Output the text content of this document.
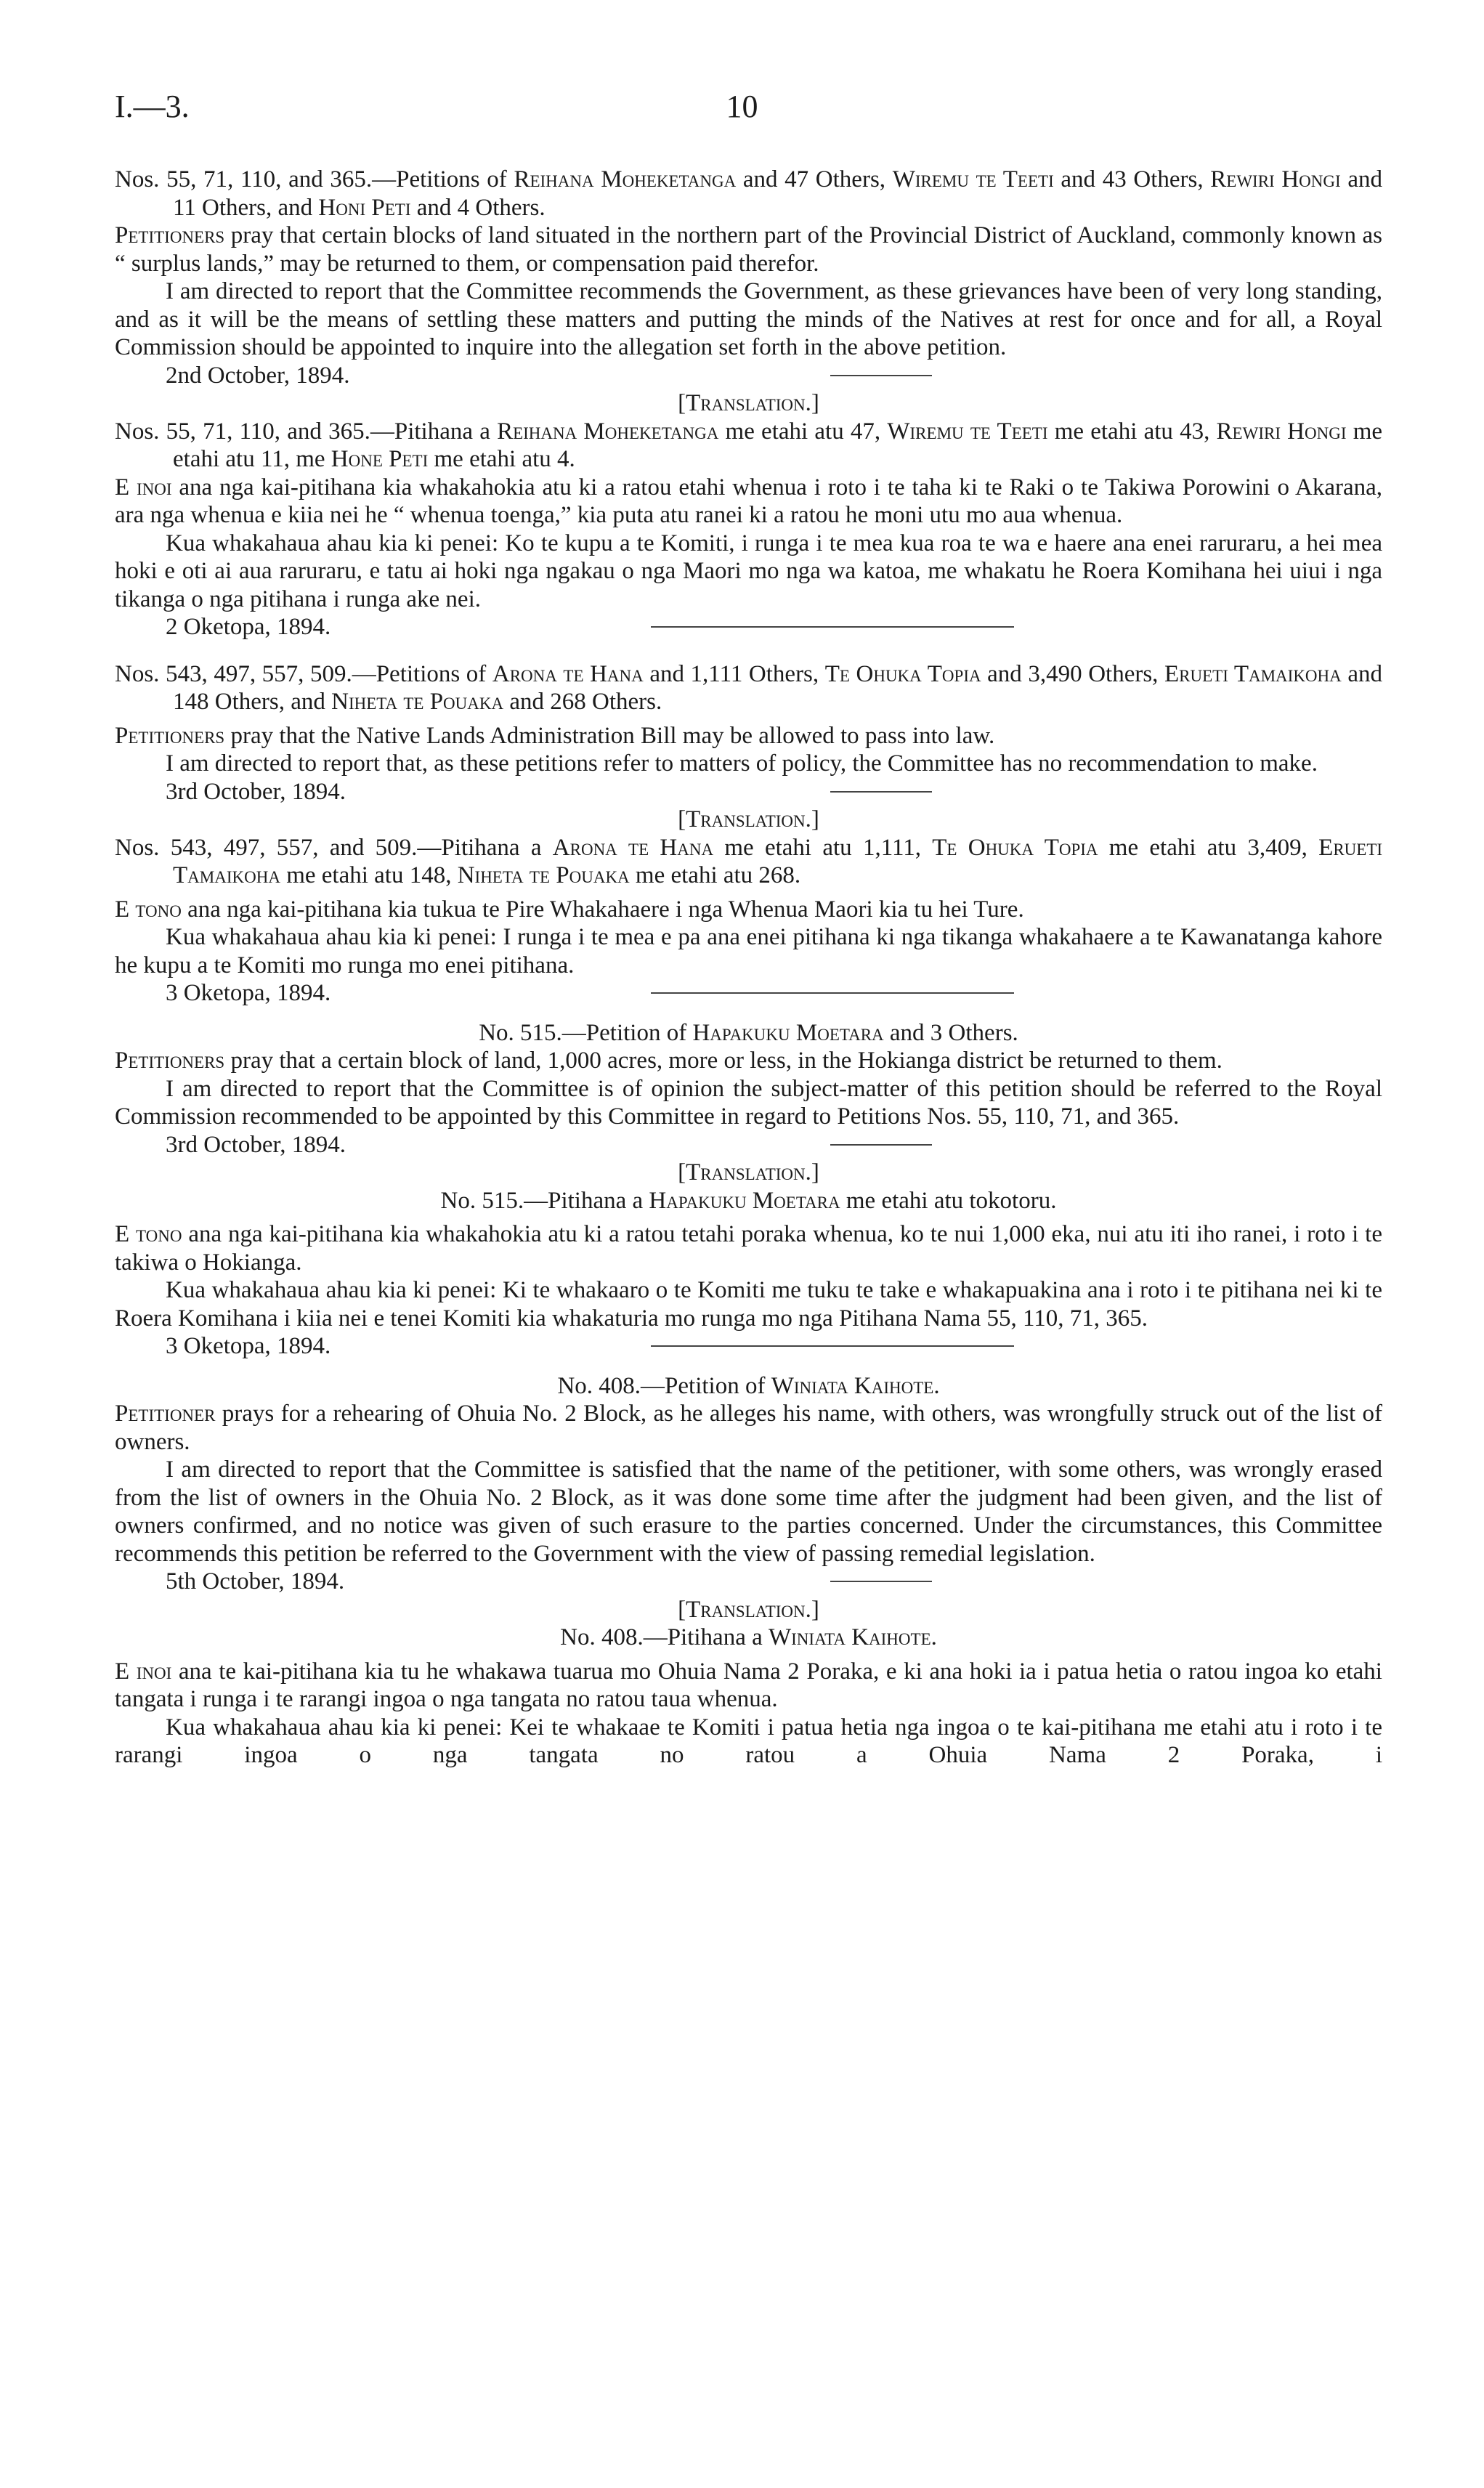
I.—3.	10

Nos. 55, 71, 110, and 365.—Petitions of Reihana Moheketanga and 47 Others, Wiremu te Teeti and 43 Others, Rewiri Hongi and 11 Others, and Honi Peti and 4 Others.

Petitioners pray that certain blocks of land situated in the northern part of the Provincial District of Auckland, commonly known as “ surplus lands,” may be returned to them, or compensation paid therefor.

I am directed to report that the Committee recommends the Government, as these grievances have been of very long standing, and as it will be the means of settling these matters and putting the minds of the Natives at rest for once and for all, a Royal Commission should be appointed to inquire into the allegation set forth in the above petition.

2nd October, 1894.

[Translation.]

Nos. 55, 71, 110, and 365.—Pitihana a Reihana Moheketanga me etahi atu 47, Wiremu te Teeti me etahi atu 43, Rewiri Hongi me etahi atu 11, me Hone Peti me etahi atu 4.

E inoi ana nga kai-pitihana kia whakahokia atu ki a ratou etahi whenua i roto i te taha ki te Raki o te Takiwa Porowini o Akarana, ara nga whenua e kiia nei he “ whenua toenga,” kia puta atu ranei ki a ratou he moni utu mo aua whenua.

Kua whakahaua ahau kia ki penei: Ko te kupu a te Komiti, i runga i te mea kua roa te wa e haere ana enei raruraru, a hei mea hoki e oti ai aua raruraru, e tatu ai hoki nga ngakau o nga Maori mo nga wa katoa, me whakatu he Roera Komihana hei uiui i nga tikanga o nga pitihana i runga ake nei.

2 Oketopa, 1894.

Nos. 543, 497, 557, 509.—Petitions of Arona te Hana and 1,111 Others, Te Ohuka Topia and 3,490 Others, Erueti Tamaikoha and 148 Others, and Niheta te Pouaka and 268 Others.

Petitioners pray that the Native Lands Administration Bill may be allowed to pass into law.

I am directed to report that, as these petitions refer to matters of policy, the Committee has no recommendation to make.

3rd October, 1894.

[Translation.]

Nos. 543, 497, 557, and 509.—Pitihana a Arona te Hana me etahi atu 1,111, Te Ohuka Topia me etahi atu 3,409, Erueti Tamaikoha me etahi atu 148, Niheta te Pouaka me etahi atu 268.

E tono ana nga kai-pitihana kia tukua te Pire Whakahaere i nga Whenua Maori kia tu hei Ture.

Kua whakahaua ahau kia ki penei: I runga i te mea e pa ana enei pitihana ki nga tikanga whakahaere a te Kawanatanga kahore he kupu a te Komiti mo runga mo enei pitihana.

3 Oketopa, 1894.

No. 515.—Petition of Hapakuku Moetara and 3 Others.

Petitioners pray that a certain block of land, 1,000 acres, more or less, in the Hokianga district be returned to them.

I am directed to report that the Committee is of opinion the subject-matter of this petition should be referred to the Royal Commission recommended to be appointed by this Committee in regard to Petitions Nos. 55, 110, 71, and 365.

3rd October, 1894.

[Translation.]

No. 515.—Pitihana a Hapakuku Moetara me etahi atu tokotoru.

E tono ana nga kai-pitihana kia whakahokia atu ki a ratou tetahi poraka whenua, ko te nui 1,000 eka, nui atu iti iho ranei, i roto i te takiwa o Hokianga.

Kua whakahaua ahau kia ki penei: Ki te whakaaro o te Komiti me tuku te take e whakapuakina ana i roto i te pitihana nei ki te Roera Komihana i kiia nei e tenei Komiti kia whakaturia mo runga mo nga Pitihana Nama 55, 110, 71, 365.

3 Oketopa, 1894.

No. 408.—Petition of Winiata Kaihote.

Petitioner prays for a rehearing of Ohuia No. 2 Block, as he alleges his name, with others, was wrongfully struck out of the list of owners.

I am directed to report that the Committee is satisfied that the name of the petitioner, with some others, was wrongly erased from the list of owners in the Ohuia No. 2 Block, as it was done some time after the judgment had been given, and the list of owners confirmed, and no notice was given of such erasure to the parties concerned. Under the circumstances, this Committee recommends this petition be referred to the Government with the view of passing remedial legislation.

5th October, 1894.

[Translation.]

No. 408.—Pitihana a Winiata Kaihote.

E inoi ana te kai-pitihana kia tu he whakawa tuarua mo Ohuia Nama 2 Poraka, e ki ana hoki ia i patua hetia o ratou ingoa ko etahi tangata i runga i te rarangi ingoa o nga tangata no ratou taua whenua.

Kua whakahaua ahau kia ki penei: Kei te whakaae te Komiti i patua hetia nga ingoa o te kai-pitihana me etahi atu i roto i te rarangi ingoa o nga tangata no ratou a Ohuia Nama 2 Poraka, i
